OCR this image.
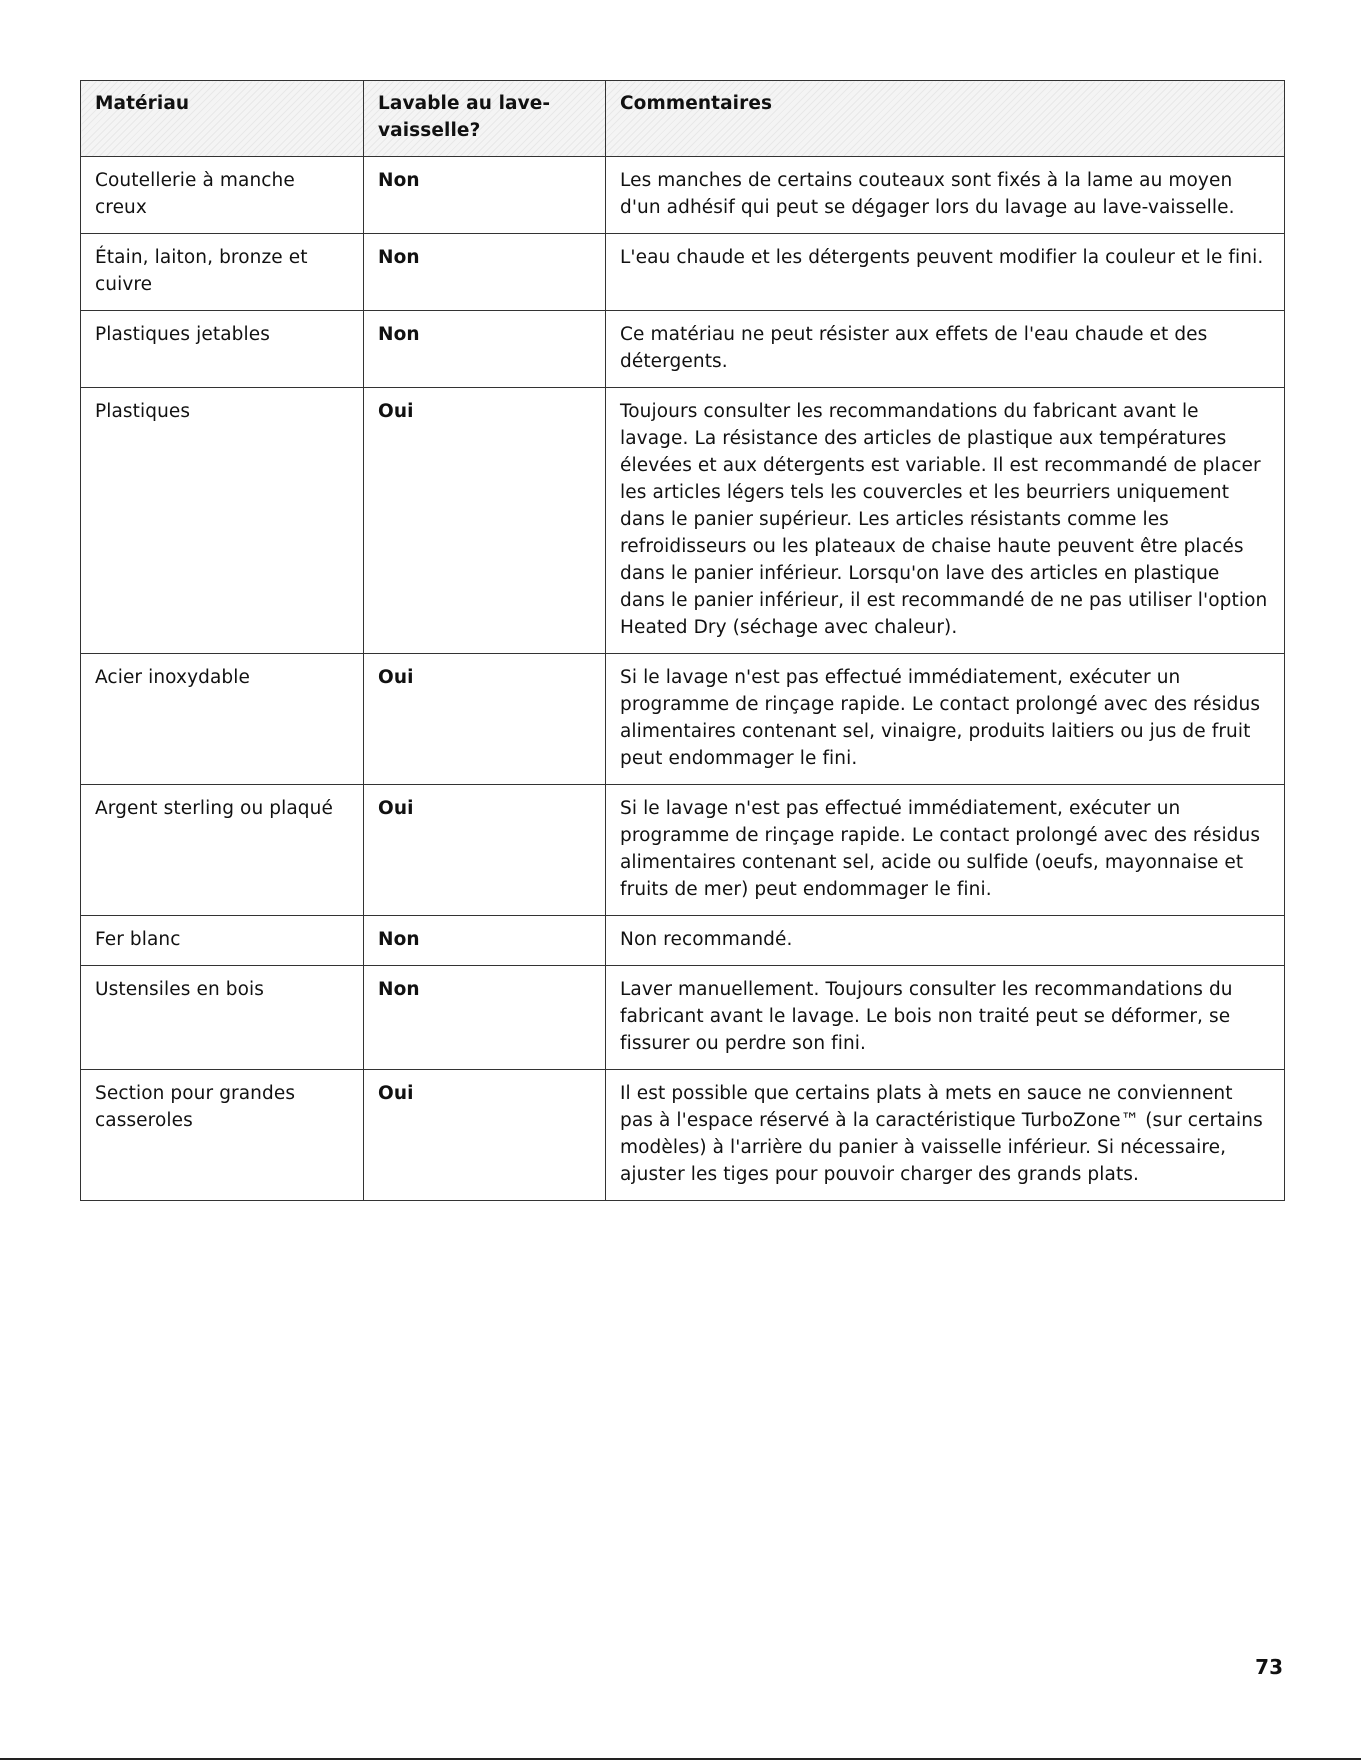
Matériau	Lavable au lave-vaisselle?	Commentaires
Coutellerie à manche creux	Non	Les manches de certains couteaux sont fixés à la lame au moyen d'un adhésif qui peut se dégager lors du lavage au lave-vaisselle.
Étain, laiton, bronze et cuivre	Non	L'eau chaude et les détergents peuvent modifier la couleur et le fini.
Plastiques jetables	Non	Ce matériau ne peut résister aux effets de l'eau chaude et des détergents.
Plastiques	Oui	Toujours consulter les recommandations du fabricant avant le lavage. La résistance des articles de plastique aux températures élevées et aux détergents est variable. Il est recommandé de placer les articles légers tels les couvercles et les beurriers uniquement dans le panier supérieur. Les articles résistants comme les refroidisseurs ou les plateaux de chaise haute peuvent être placés dans le panier inférieur. Lorsqu'on lave des articles en plastique dans le panier inférieur, il est recommandé de ne pas utiliser l'option Heated Dry (séchage avec chaleur).
Acier inoxydable	Oui	Si le lavage n'est pas effectué immédiatement, exécuter un programme de rinçage rapide. Le contact prolongé avec des résidus alimentaires contenant sel, vinaigre, produits laitiers ou jus de fruit peut endommager le fini.
Argent sterling ou plaqué	Oui	Si le lavage n'est pas effectué immédiatement, exécuter un programme de rinçage rapide. Le contact prolongé avec des résidus alimentaires contenant sel, acide ou sulfide (oeufs, mayonnaise et fruits de mer) peut endommager le fini.
Fer blanc	Non	Non recommandé.
Ustensiles en bois	Non	Laver manuellement. Toujours consulter les recommandations du fabricant avant le lavage. Le bois non traité peut se déformer, se fissurer ou perdre son fini.
Section pour grandes casseroles	Oui	Il est possible que certains plats à mets en sauce ne conviennent pas à l'espace réservé à la caractéristique TurboZone™ (sur certains modèles) à l'arrière du panier à vaisselle inférieur. Si nécessaire, ajuster les tiges pour pouvoir charger des grands plats.
73
